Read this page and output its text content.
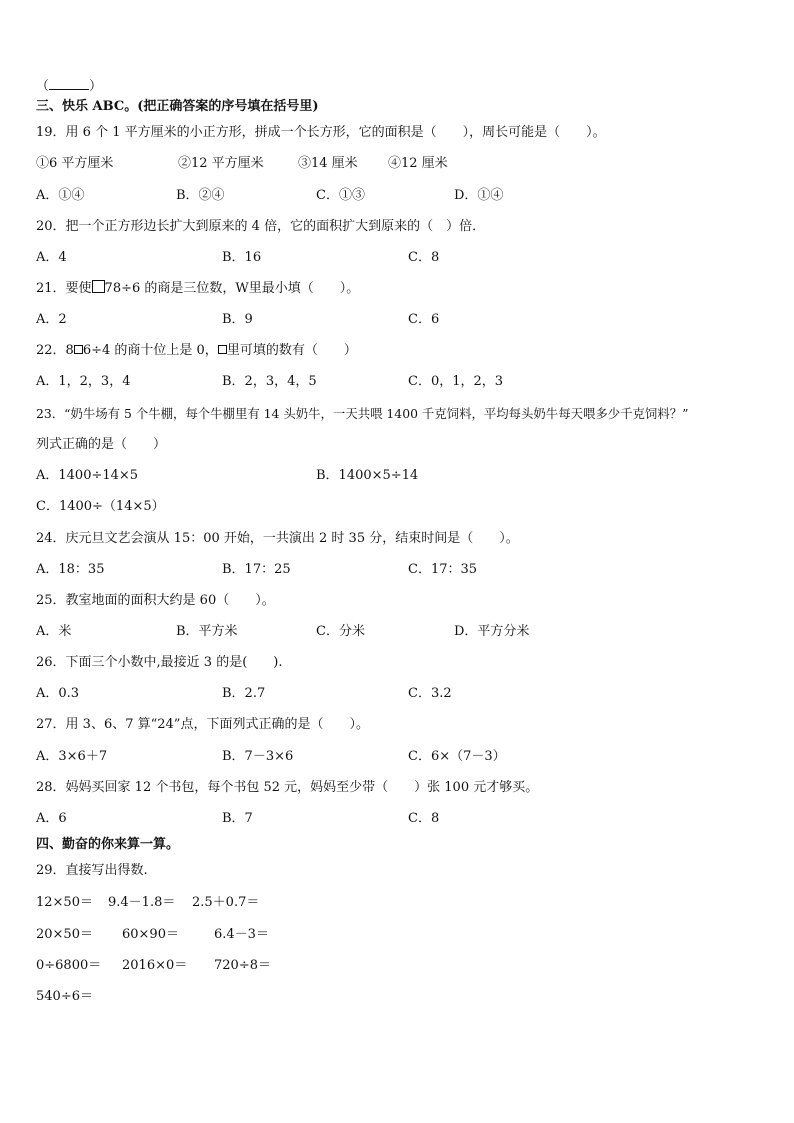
（	）
三、快乐 ABC。(把正确答案的序号填在括号里)
19．用 6 个 1 平方厘米的小正方形，拼成一个长方形，它的面积是（　　），周长可能是（　　）。
①6 平方厘米	②12 平方厘米	③14 厘米 ④12 厘米
A．①④	B．②④	C．①③	D．①④
20．把一个正方形边长扩大到原来的 4 倍，它的面积扩大到原来的（　）倍．
A．4	B．16	C．8
21．要使 78÷6 的商是三位数，W里最小填（　　）。
A．2	B．9	C．6
22．8 6÷4 的商十位上是 0， 里可填的数有（　　）
A．1，2，3，4	B．2，3，4，5	C．0，1，2，3
23．“奶牛场有 5 个牛棚，每个牛棚里有 14 头奶牛，一天共喂 1400 千克饲料，平均每头奶牛每天喂多少千克饲料？”
列式正确的是（　　）
A．1400÷14×5	B．1400×5÷14
C．1400÷（14×5）
24．庆元旦文艺会演从 15：00 开始，一共演出 2 时 35 分，结束时间是（　　）。
A．18：35	B．17：25	C．17：35
25．教室地面的面积大约是 60（　　）。
A．米	B．平方米	C．分米	D．平方分米
26．下面三个小数中,最接近 3 的是(　　).
A．0.3	B．2.7	C．3.2
27．用 3、6、7 算“24”点，下面列式正确的是（　　）。
A．3×6＋7	B．7－3×6	C．6×（7－3）
28．妈妈买回家 12 个书包，每个书包 52 元，妈妈至少带（　　）张 100 元才够买。
A．6	B．7	C．8
四、勤奋的你来算一算。
29．直接写出得数.
12×50＝ 9.4－1.8＝ 2.5＋0.7＝
20×50＝ 60×90＝	6.4－3＝
0÷6800＝ 2016×0＝ 720÷8＝
540÷6＝
